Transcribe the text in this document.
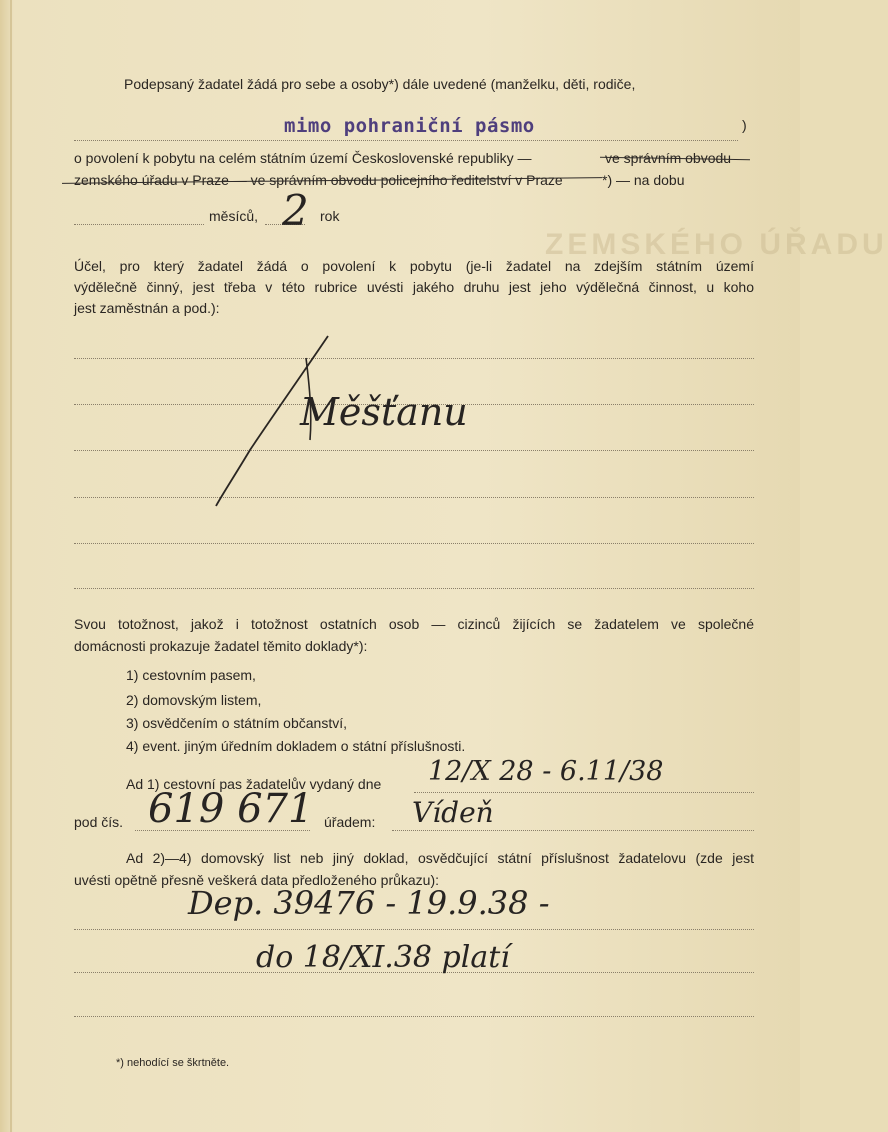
ZEMSKÉHO ÚŘADU
Podepsaný žadatel žádá pro sebe a osoby*) dále uvedené (manželku, děti, rodiče,
mimo pohraniční pásmo	)
o povolení k pobytu na celém státním území Československé republiky —	ve správním obvodu
zemského úřadu v Praze — ve správním obvodu policejního ředitelství v Praze	*) — na dobu
měsíců, 2 rok
Účel, pro který žadatel žádá o povolení k pobytu (je-li žadatel na zdejším státním území
výdělečně činný, jest třeba v této rubrice uvésti jakého druhu jest jeho výdělečná činnost, u koho
jest zaměstnán a pod.):
Měšťanu
Svou totožnost, jakož i totožnost ostatních osob — cizinců žijících se žadatelem ve společné
domácnosti prokazuje žadatel těmito doklady*):
1) cestovním pasem,
2) domovským listem,
3) osvědčením o státním občanství,
4) event. jiným úředním dokladem o státní příslušnosti.
Ad 1) cestovní pas žadatelův vydaný dne 12/X 28 - 6.11/38
pod čís. 619 671 úřadem: Vídeň
Ad 2)—4) domovský list neb jiný doklad, osvědčující státní příslušnost žadatelovu (zde jest
uvésti opětně přesně veškerá data předloženého průkazu):
Dep. 39476 - 19.9.38 -
do 18/XI.38 platí
*) nehodící se škrtněte.
